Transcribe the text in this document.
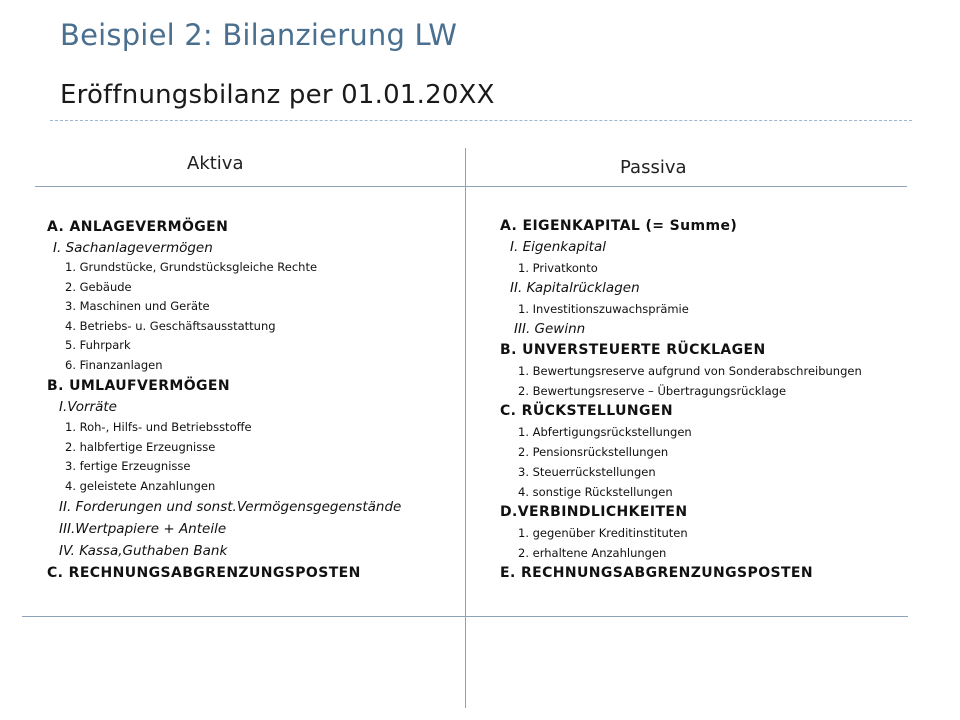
Beispiel 2: Bilanzierung LW
Eröffnungsbilanz per 01.01.20XX
Aktiva	Passiva
A. ANLAGEVERMÖGEN
I. Sachanlagevermögen
1. Grundstücke, Grundstücksgleiche Rechte
2. Gebäude
3. Maschinen und Geräte
4. Betriebs- u. Geschäftsausstattung
5. Fuhrpark
6. Finanzanlagen
B. UMLAUFVERMÖGEN
I.Vorräte
1. Roh-, Hilfs- und Betriebsstoffe
2. halbfertige Erzeugnisse
3. fertige Erzeugnisse
4. geleistete Anzahlungen
II. Forderungen und sonst.Vermögensgegenstände
III.Wertpapiere + Anteile
IV. Kassa,Guthaben Bank
C. RECHNUNGSABGRENZUNGSPOSTEN
A. EIGENKAPITAL (= Summe)
I. Eigenkapital
1. Privatkonto
II. Kapitalrücklagen
1. Investitionszuwachsprämie
III. Gewinn
B. UNVERSTEUERTE RÜCKLAGEN
1. Bewertungsreserve aufgrund von Sonderabschreibungen
2. Bewertungsreserve – Übertragungsrücklage
C. RÜCKSTELLUNGEN
1. Abfertigungsrückstellungen
2. Pensionsrückstellungen
3. Steuerrückstellungen
4. sonstige Rückstellungen
D.VERBINDLICHKEITEN
1. gegenüber Kreditinstituten
2. erhaltene Anzahlungen
E. RECHNUNGSABGRENZUNGSPOSTEN
